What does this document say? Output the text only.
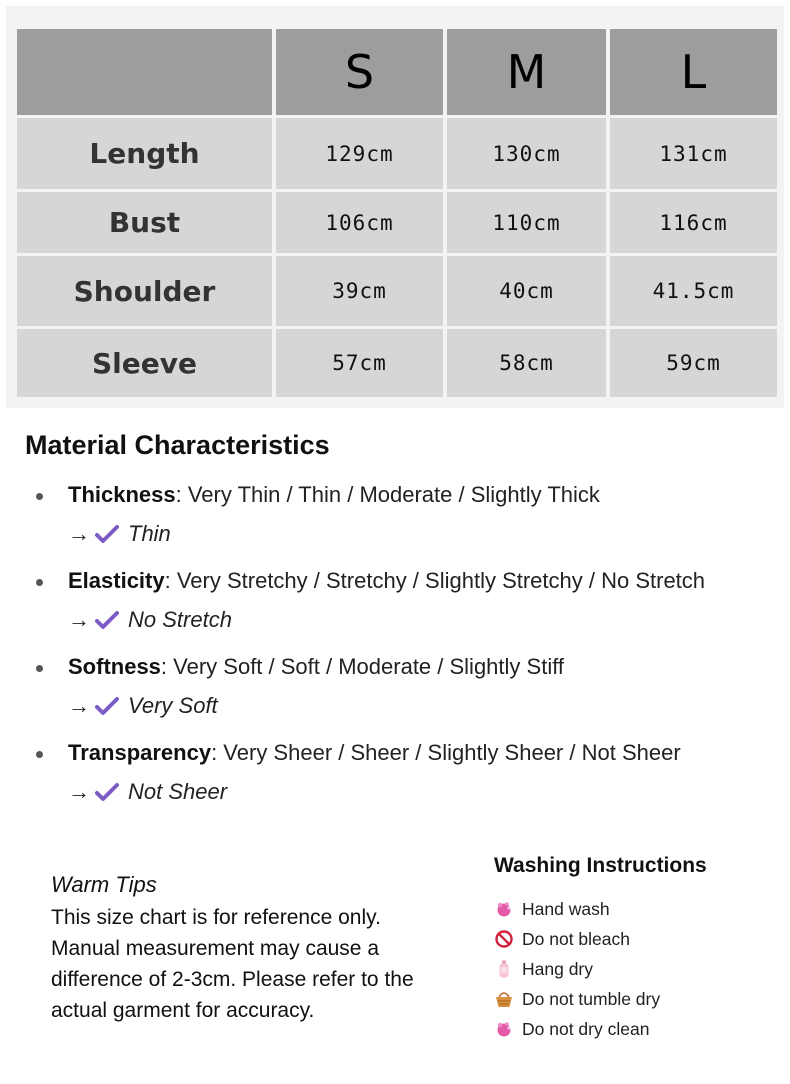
	S	M	L
Length	129cm	130cm	131cm
Bust	106cm	110cm	116cm
Shoulder	39cm	40cm	41.5cm
Sleeve	57cm	58cm	59cm
Material Characteristics
Thickness: Very Thin / Thin / Moderate / Slightly Thick
→ Thin
Elasticity: Very Stretchy / Stretchy / Slightly Stretchy / No Stretch
→ No Stretch
Softness: Very Soft / Soft / Moderate / Slightly Stiff
→ Very Soft
Transparency: Very Sheer / Sheer / Slightly Sheer / Not Sheer
→ Not Sheer
Warm Tips
This size chart is for reference only. Manual measurement may cause a difference of 2-3cm. Please refer to the actual garment for accuracy.
Washing Instructions
Hand wash
Do not bleach
Hang dry
Do not tumble dry
Do not dry clean
